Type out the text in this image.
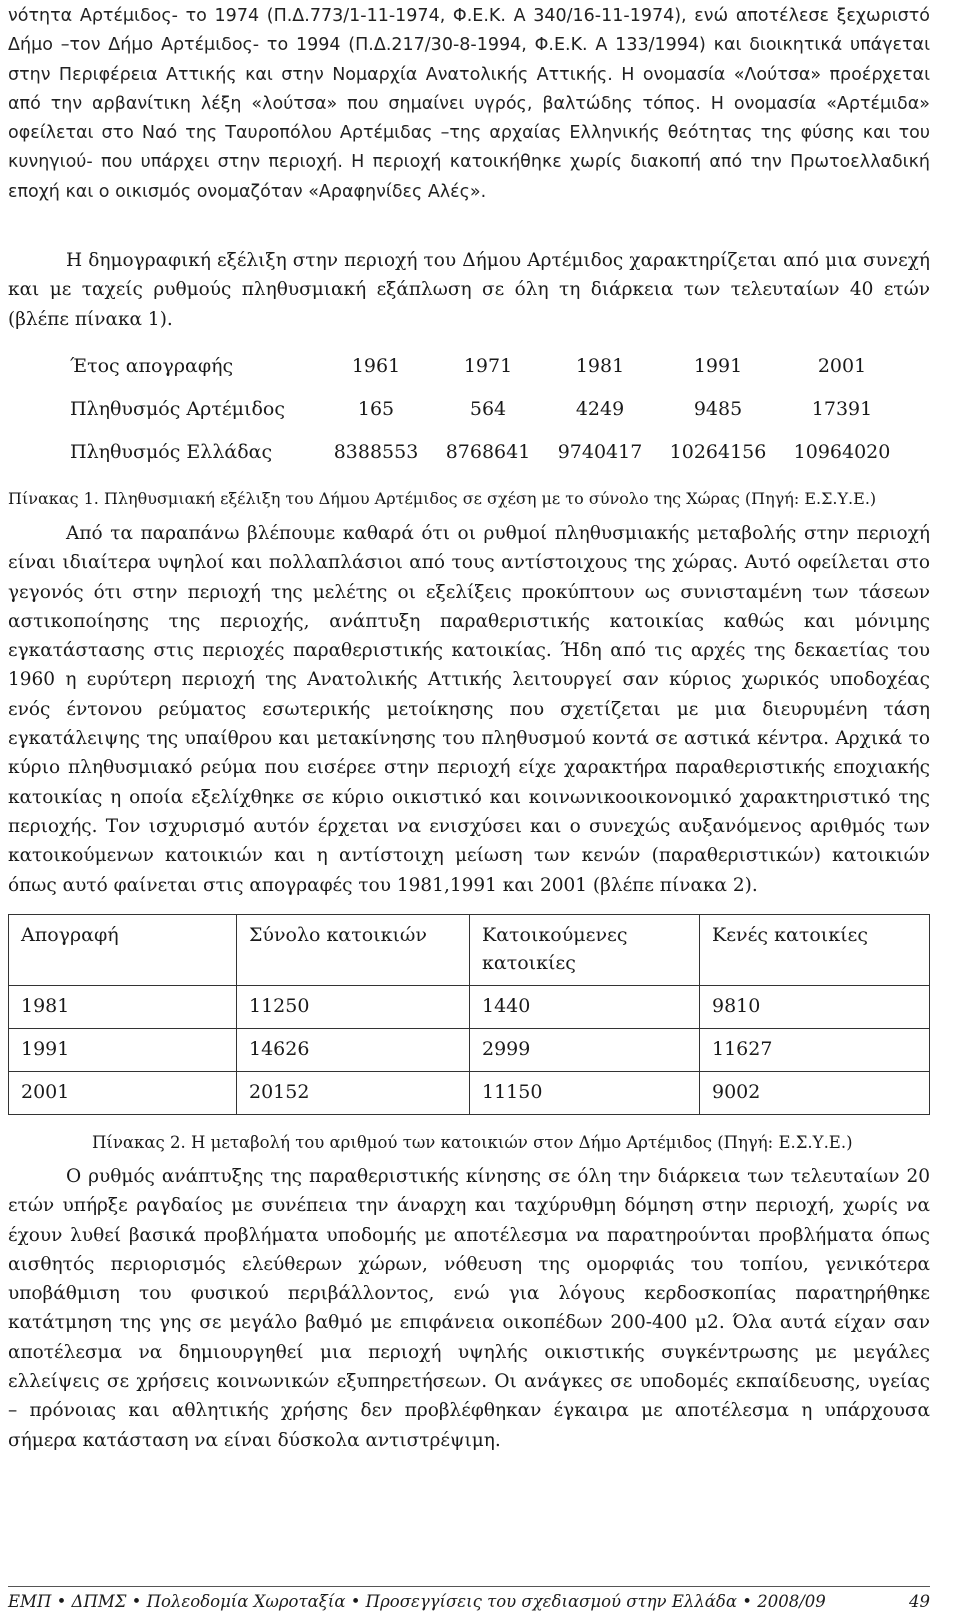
νότητα Αρτέμιδος- το 1974 (Π.Δ.773/1-11-1974, Φ.Ε.Κ. Α 340/16-11-1974), ενώ αποτέλεσε ξεχωριστό Δήμο –τον Δήμο Αρτέμιδος- το 1994 (Π.Δ.217/30-8-1994, Φ.Ε.Κ. Α 133/1994) και διοικητικά υπάγεται στην Περιφέρεια Αττικής και στην Νομαρχία Ανατολικής Αττικής. Η ονομασία «Λούτσα» προέρχεται από την αρβανίτικη λέξη «λούτσα» που σημαίνει υγρός, βαλτώδης τόπος. Η ονομασία «Αρτέμιδα» οφείλεται στο Ναό της Ταυροπόλου Αρτέμιδας –της αρχαίας Ελληνικής θεότητας της φύσης και του κυνηγιού- που υπάρχει στην περιοχή. Η περιοχή κατοικήθηκε χωρίς διακοπή από την Πρωτοελλαδική εποχή και ο οικισμός ονομαζόταν «Αραφηνίδες Αλές».

Η δημογραφική εξέλιξη στην περιοχή του Δήμου Αρτέμιδος χαρακτηρίζεται από μια συνεχή και με ταχείς ρυθμούς πληθυσμιακή εξάπλωση σε όλη τη διάρκεια των τελευταίων 40 ετών (βλέπε πίνακα 1).

Έτος απογραφής	1961	1971	1981	1991	2001
Πληθυσμός Αρτέμιδος	165	564	4249	9485	17391
Πληθυσμός Ελλάδας	8388553	8768641	9740417	10264156	10964020
Πίνακας 1. Πληθυσμιακή εξέλιξη του Δήμου Αρτέμιδος σε σχέση με το σύνολο της Χώρας (Πηγή: Ε.Σ.Υ.Ε.)

Από τα παραπάνω βλέπουμε καθαρά ότι οι ρυθμοί πληθυσμιακής μεταβολής στην περιοχή είναι ιδιαίτερα υψηλοί και πολλαπλάσιοι από τους αντίστοιχους της χώρας. Αυτό οφείλεται στο γεγονός ότι στην περιοχή της μελέτης οι εξελίξεις προκύπτουν ως συνισταμένη των τάσεων αστικοποίησης της περιοχής, ανάπτυξη παραθεριστικής κατοικίας καθώς και μόνιμης εγκατάστασης στις περιοχές παραθεριστικής κατοικίας. Ήδη από τις αρχές της δεκαετίας του 1960 η ευρύτερη περιοχή της Ανατολικής Αττικής λειτουργεί σαν κύριος χωρικός υποδοχέας ενός έντονου ρεύματος εσωτερικής μετοίκησης που σχετίζεται με μια διευρυμένη τάση εγκατάλειψης της υπαίθρου και μετακίνησης του πληθυσμού κοντά σε αστικά κέντρα. Αρχικά το κύριο πληθυσμιακό ρεύμα που εισέρεε στην περιοχή είχε χαρακτήρα παραθεριστικής εποχιακής κατοικίας η οποία εξελίχθηκε σε κύριο οικιστικό και κοινωνικοοικονομικό χαρακτηριστικό της περιοχής. Τον ισχυρισμό αυτόν έρχεται να ενισχύσει και ο συνεχώς αυξανόμενος αριθμός των κατοικούμενων κατοικιών και η αντίστοιχη μείωση των κενών (παραθεριστικών) κατοικιών όπως αυτό φαίνεται στις απογραφές του 1981,1991 και 2001 (βλέπε πίνακα 2).

Απογραφή	Σύνολο κατοικιών	Κατοικούμενες κατοικίες	Κενές κατοικίες
1981	11250	1440	9810
1991	14626	2999	11627
2001	20152	11150	9002
Πίνακας 2. Η μεταβολή του αριθμού των κατοικιών στον Δήμο Αρτέμιδος (Πηγή: Ε.Σ.Υ.Ε.)

Ο ρυθμός ανάπτυξης της παραθεριστικής κίνησης σε όλη την διάρκεια των τελευταίων 20 ετών υπήρξε ραγδαίος με συνέπεια την άναρχη και ταχύρυθμη δόμηση στην περιοχή, χωρίς να έχουν λυθεί βασικά προβλήματα υποδομής με αποτέλεσμα να παρατηρούνται προβλήματα όπως αισθητός περιορισμός ελεύθερων χώρων, νόθευση της ομορφιάς του τοπίου, γενικότερα υποβάθμιση του φυσικού περιβάλλοντος, ενώ για λόγους κερδοσκοπίας παρατηρήθηκε κατάτμηση της γης σε μεγάλο βαθμό με επιφάνεια οικοπέδων 200-400 μ2. Όλα αυτά είχαν σαν αποτέλεσμα να δημιουργηθεί μια περιοχή υψηλής οικιστικής συγκέντρωσης με μεγάλες ελλείψεις σε χρήσεις κοινωνικών εξυπηρετήσεων. Οι ανάγκες σε υποδομές εκπαίδευσης, υγείας – πρόνοιας και αθλητικής χρήσης δεν προβλέφθηκαν έγκαιρα με αποτέλεσμα η υπάρχουσα σήμερα κατάσταση να είναι δύσκολα αντιστρέψιμη.

ΕΜΠ • ΔΠΜΣ • Πολεοδομία Χωροταξία • Προσεγγίσεις του σχεδιασμού στην Ελλάδα • 2008/09	49
